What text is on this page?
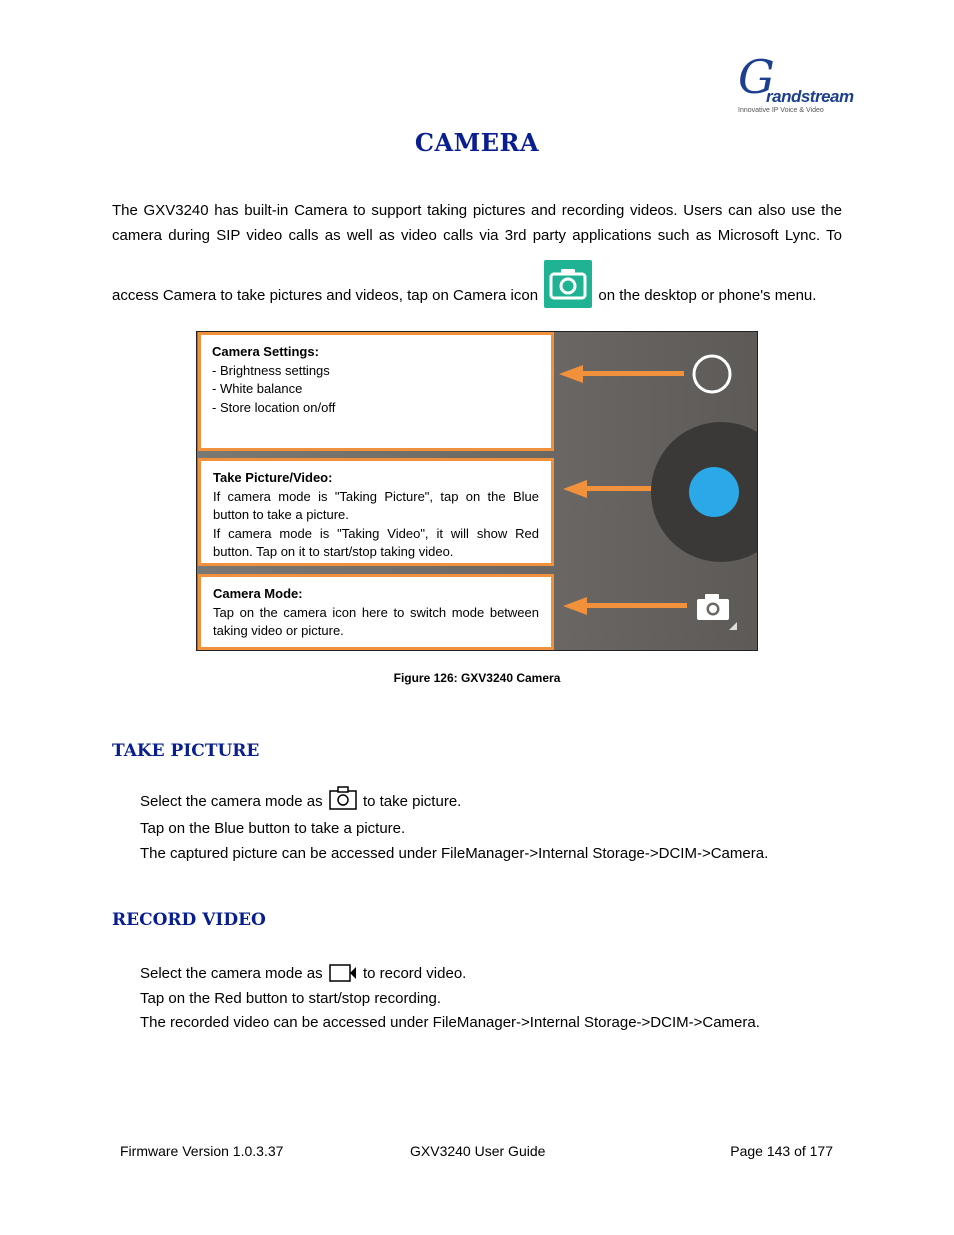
G
randstream
Innovative IP Voice & Video
CAMERA
The GXV3240 has built-in Camera to support taking pictures and recording videos. Users can also use the
camera during SIP video calls as well as video calls via 3rd party applications such as Microsoft Lync. To
access Camera to take pictures and videos, tap on Camera icon	on the desktop or phone's menu.
Camera Settings:
- Brightness settings
- White balance
- Store location on/off
Take Picture/Video:
If camera mode is "Taking Picture", tap on the Blue
button to take a picture.
If camera mode is "Taking Video", it will show Red
button. Tap on it to start/stop taking video.
Camera Mode:
Tap on the camera icon here to switch mode between
taking video or picture.
Figure 126: GXV3240 Camera
TAKE PICTURE
Select the camera mode as	to take picture.
Tap on the Blue button to take a picture.
The captured picture can be accessed under FileManager->Internal Storage->DCIM->Camera.
RECORD VIDEO
Select the camera mode as	to record video.
Tap on the Red button to start/stop recording.
The recorded video can be accessed under FileManager->Internal Storage->DCIM->Camera.
Firmware Version 1.0.3.37	GXV3240 User Guide	Page 143 of 177
